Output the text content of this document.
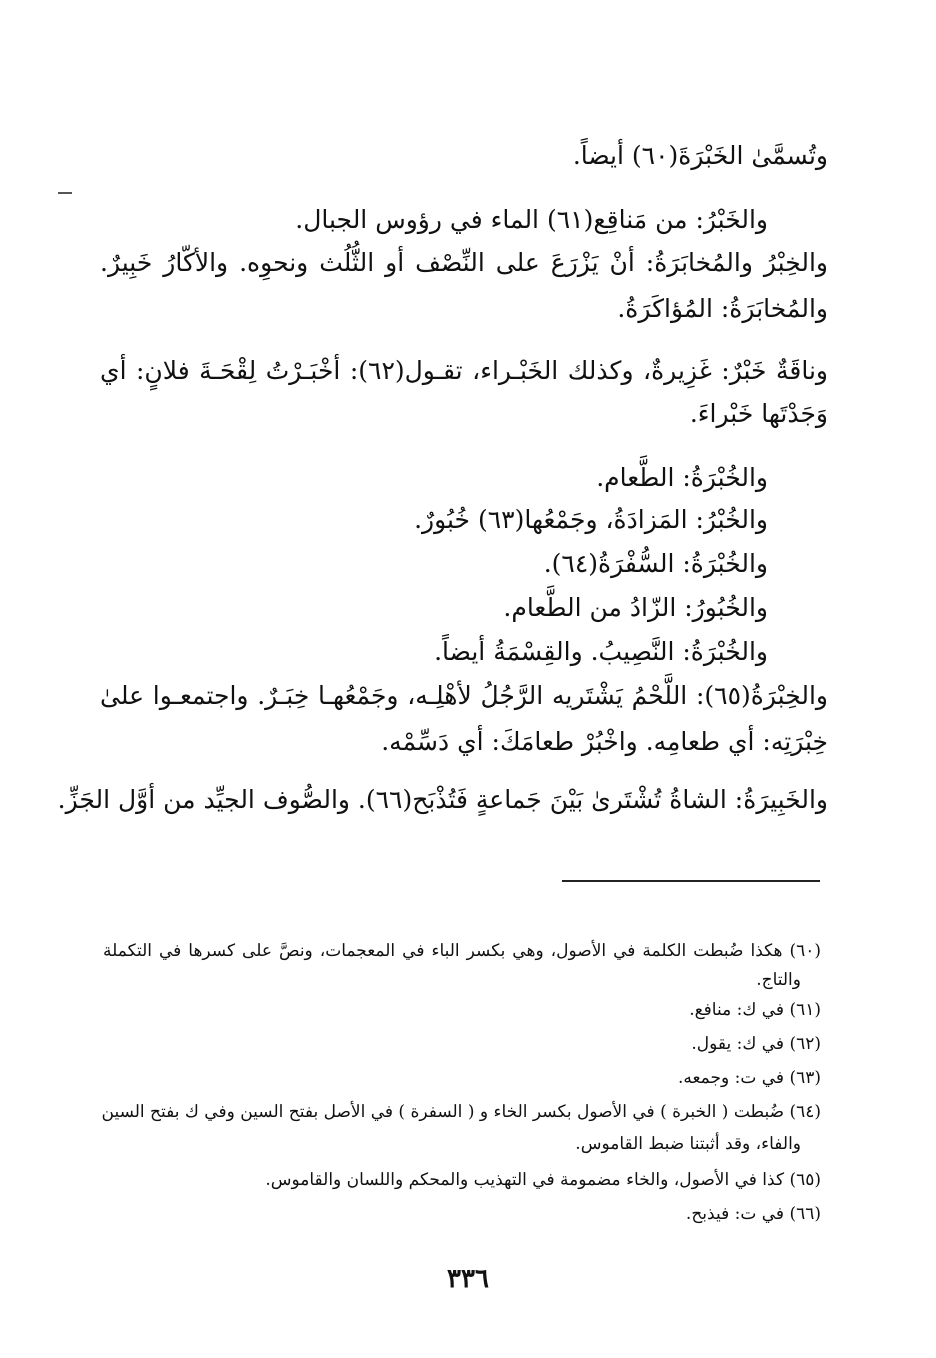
وتُسمَّىٰ الخَبْرَةَ(٦٠) أيضاً.
والخَبْرُ: من مَناقِع(٦١) الماء في رؤوس الجبال.
والخِبْرُ والمُخابَرَةُ: أنْ يَزْرَعَ على النِّصْف أو الثُّلُث ونحوِه. والأكّارُ خَبِيرٌ.
والمُخابَرَةُ: المُؤاكَرَةُ.
وناقَةٌ خَبْرٌ: غَزِيرةٌ، وكذلك الخَبْـراء، تقـول(٦٢): أخْبَـرْتُ لِقْحَـةَ فلانٍ: أي
وَجَدْتَها خَبْراءَ.
والخُبْرَةُ: الطَّعام.
والخُبْرُ: المَزادَةُ، وجَمْعُها(٦٣) خُبُورٌ.
والخُبْرَةُ: السُّفْرَةُ(٦٤).
والخُبُورُ: الزّادُ من الطَّعام.
والخُبْرَةُ: النَّصِيبُ. والقِسْمَةُ أيضاً.
والخِبْرَةُ(٦٥): اللَّحْمُ يَشْتَريه الرَّجُلُ لأهْلِـه، وجَمْعُهـا خِبَـرٌ. واجتمعـوا علىٰ
خِبْرَتِه: أي طعامِه. واخْبُرْ طعامَكَ: أي دَسِّمْه.
والخَبِيرَةُ: الشاةُ تُشْتَرىٰ بَيْنَ جَماعةٍ فَتُذْبَح(٦٦). والصُّوف الجيِّد من أوَّل الجَزِّ.
(٦٠) هكذا ضُبطت الكلمة في الأصول، وهي بكسر الباء في المعجمات، ونصَّ على كسرها في التكملة
والتاج.
(٦١) في ك: منافع.
(٦٢) في ك: يقول.
(٦٣) في ت: وجمعه.
(٦٤) ضُبطت ( الخبرة ) في الأصول بكسر الخاء و ( السفرة ) في الأصل بفتح السين وفي ك بفتح السين
والفاء، وقد أثبتنا ضبط القاموس.
(٦٥) كذا في الأصول، والخاء مضمومة في التهذيب والمحكم واللسان والقاموس.
(٦٦) في ت: فيذبح.
٣٣٦
